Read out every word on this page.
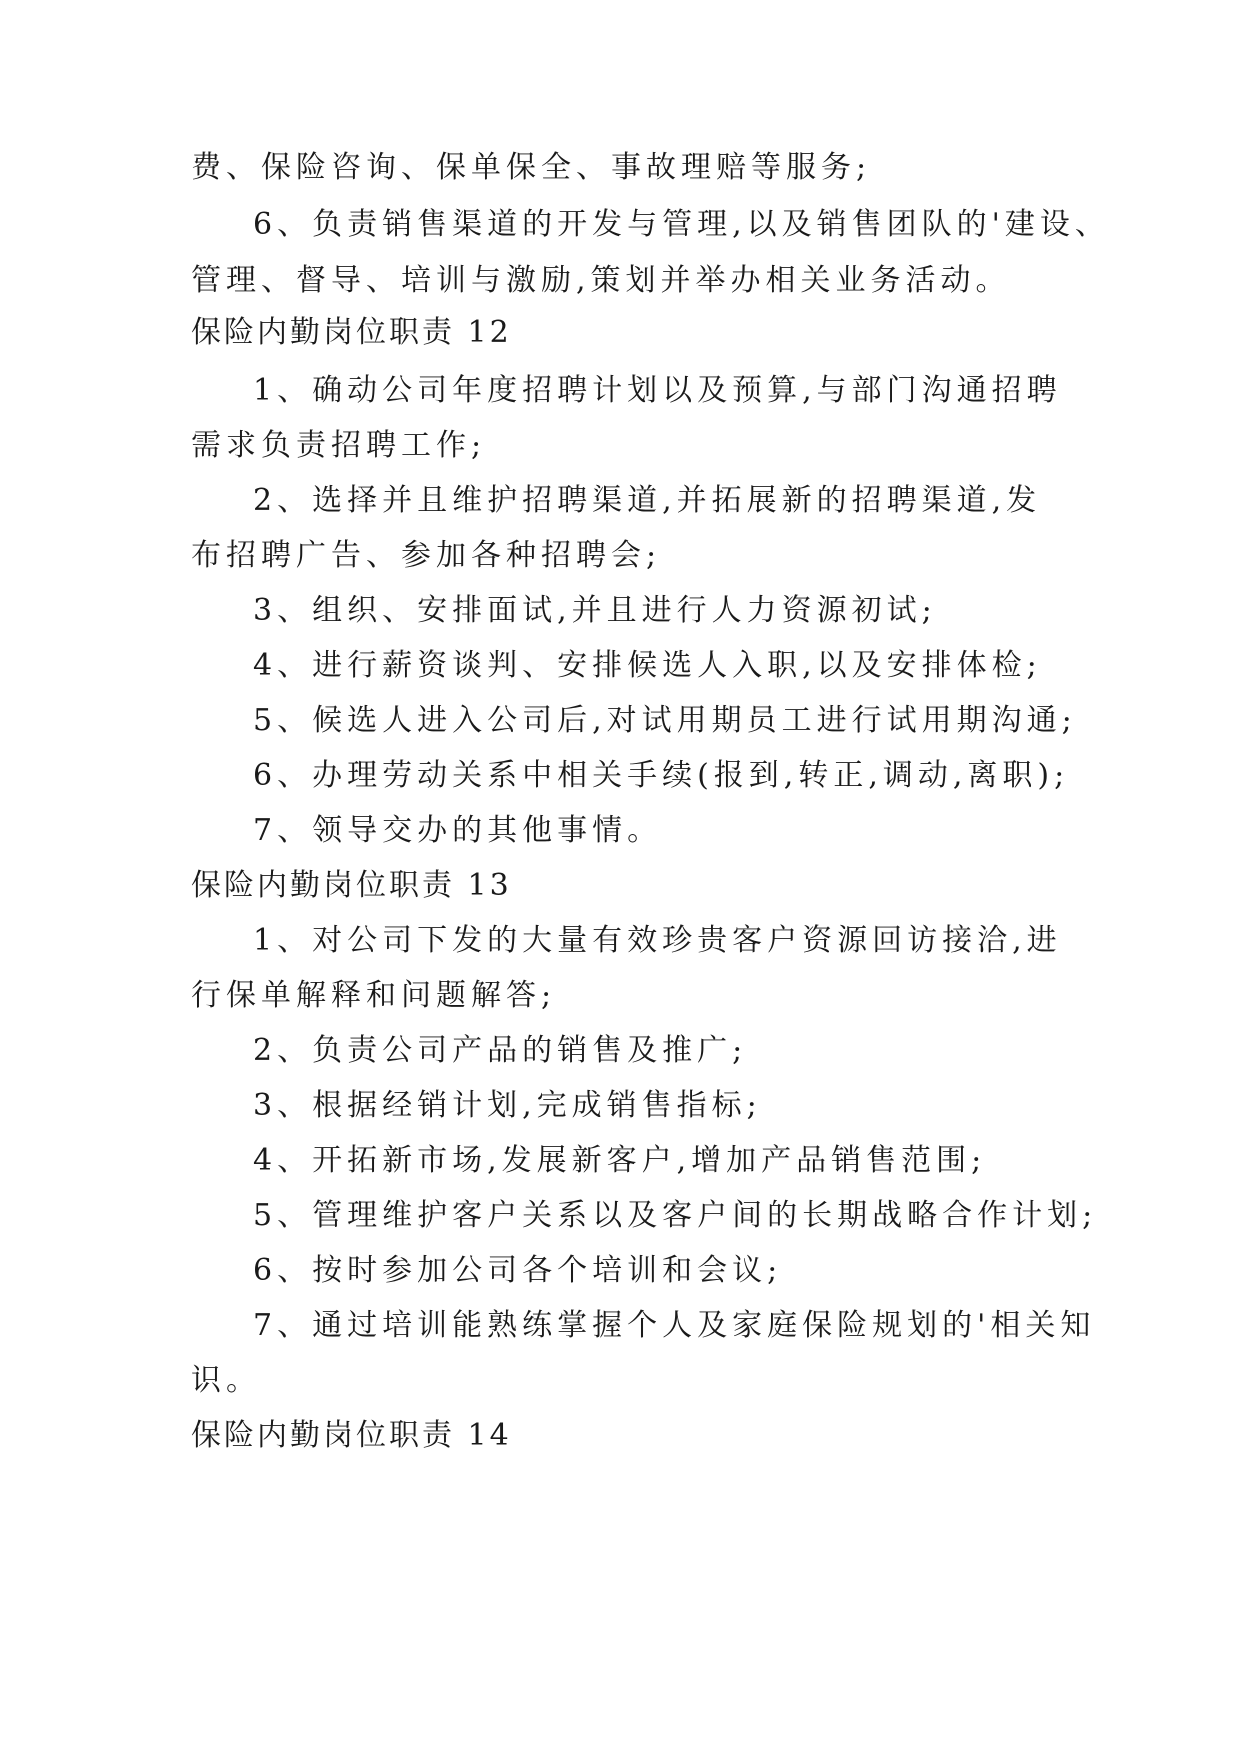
费、保险咨询、保单保全、事故理赔等服务;
6、负责销售渠道的开发与管理,以及销售团队的'建设、
管理、督导、培训与激励,策划并举办相关业务活动。
保险内勤岗位职责 12
1、确动公司年度招聘计划以及预算,与部门沟通招聘
需求负责招聘工作;
2、选择并且维护招聘渠道,并拓展新的招聘渠道,发
布招聘广告、参加各种招聘会;
3、组织、安排面试,并且进行人力资源初试;
4、进行薪资谈判、安排候选人入职,以及安排体检;
5、候选人进入公司后,对试用期员工进行试用期沟通;
6、办理劳动关系中相关手续(报到,转正,调动,离职);
7、领导交办的其他事情。
保险内勤岗位职责 13
1、对公司下发的大量有效珍贵客户资源回访接洽,进
行保单解释和问题解答;
2、负责公司产品的销售及推广;
3、根据经销计划,完成销售指标;
4、开拓新市场,发展新客户,增加产品销售范围;
5、管理维护客户关系以及客户间的长期战略合作计划;
6、按时参加公司各个培训和会议;
7、通过培训能熟练掌握个人及家庭保险规划的'相关知
识。
保险内勤岗位职责 14
